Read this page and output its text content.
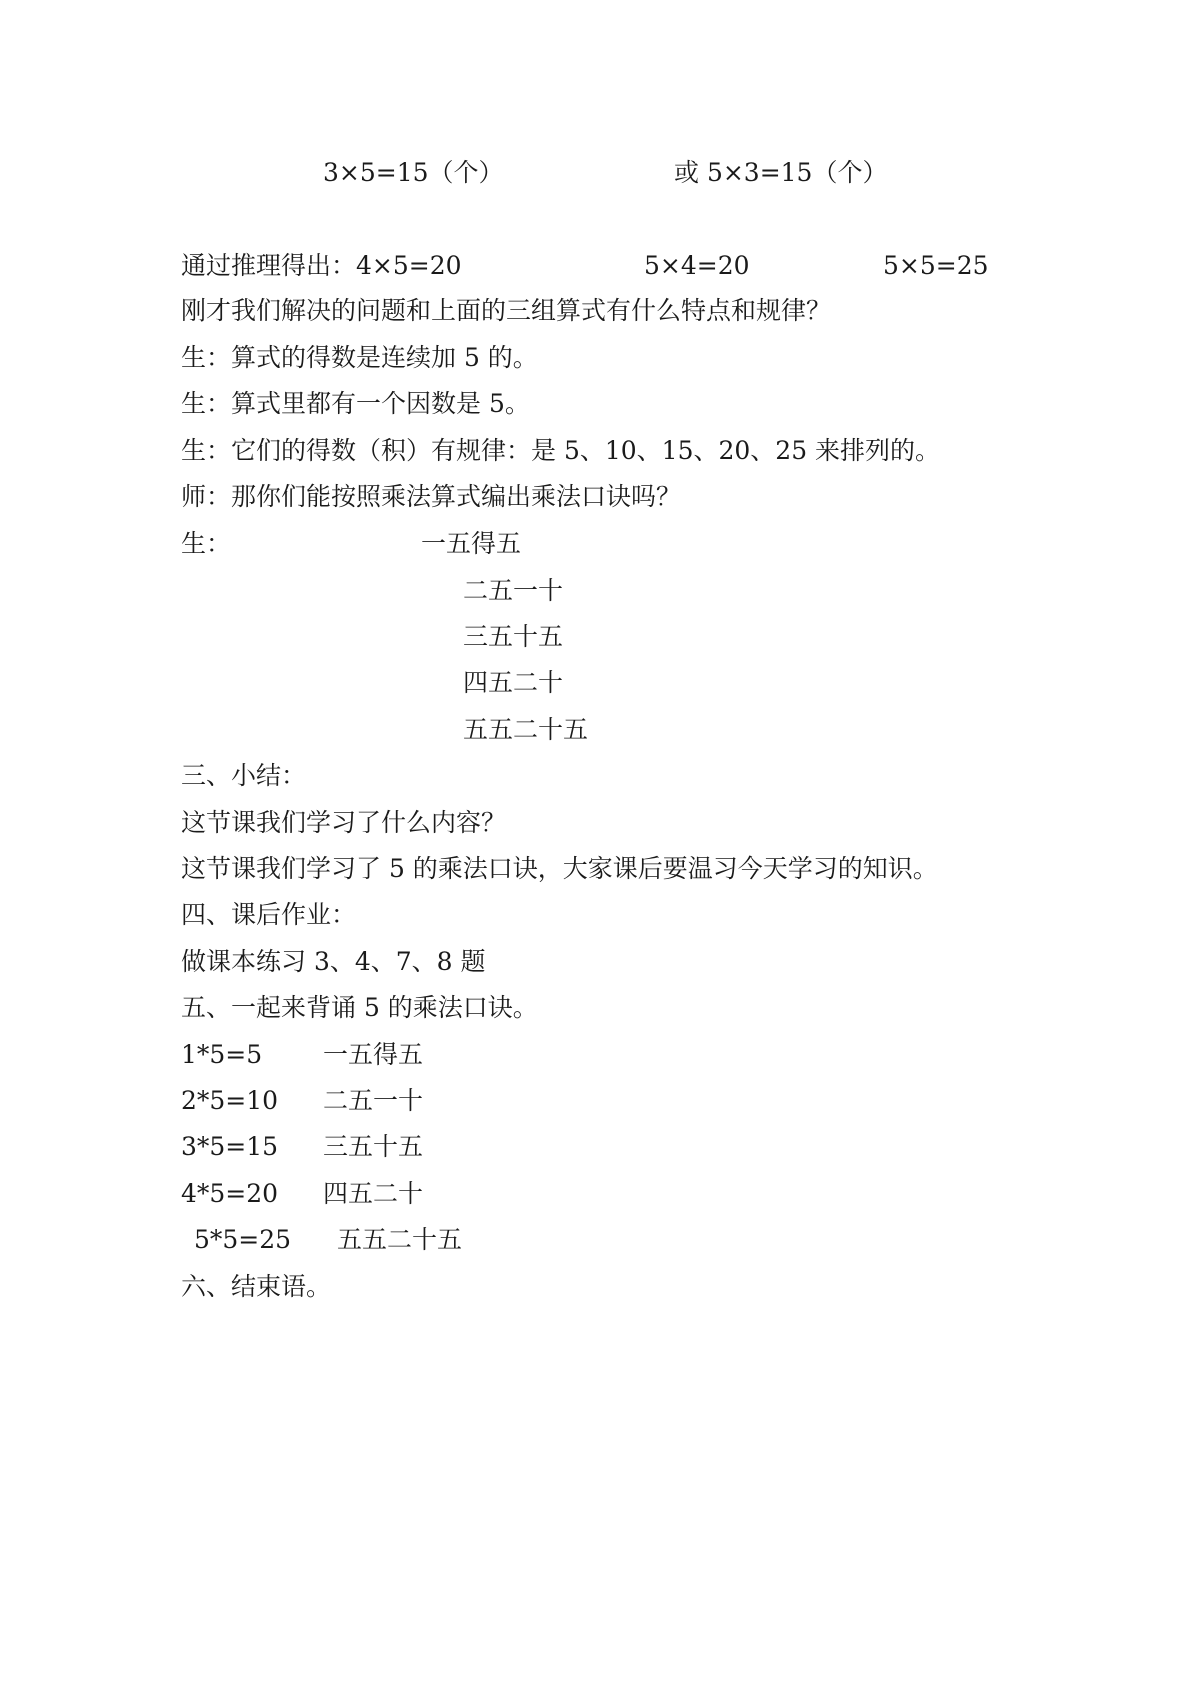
3×5=15（个）	或 5×3=15（个）
通过推理得出：4×5=20	5×4=20	5×5=25
刚才我们解决的问题和上面的三组算式有什么特点和规律？
生：算式的得数是连续加 5 的。
生：算式里都有一个因数是 5。
生：它们的得数（积）有规律：是 5、10、15、20、25 来排列的。
师：那你们能按照乘法算式编出乘法口诀吗？
生：	一五得五
二五一十
三五十五
四五二十
五五二十五
三、小结：
这节课我们学习了什么内容？
这节课我们学习了 5 的乘法口诀，大家课后要温习今天学习的知识。
四、课后作业：
做课本练习 3、4、7、8 题
五、一起来背诵 5 的乘法口诀。
1*5=5 一五得五
2*5=10 二五一十
3*5=15 三五十五
4*5=20 四五二十
5*5=25 五五二十五
六、结束语。
